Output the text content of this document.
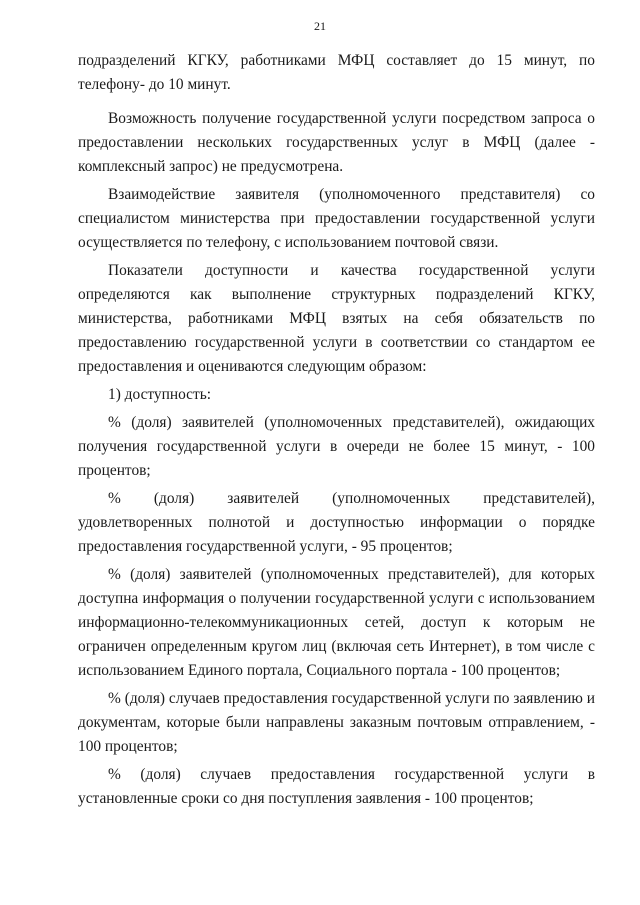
21

подразделений КГКУ, работниками МФЦ составляет до 15 минут, по телефону- до 10 минут.

Возможность получение государственной услуги посредством запроса о предоставлении нескольких государственных услуг в МФЦ (далее - комплексный запрос) не предусмотрена.

Взаимодействие заявителя (уполномоченного представителя) со специалистом министерства при предоставлении государственной услуги осуществляется по телефону, с использованием почтовой связи.

Показатели доступности и качества государственной услуги определяются как выполнение структурных подразделений КГКУ, министерства, работниками МФЦ взятых на себя обязательств по предоставлению государственной услуги в соответствии со стандартом ее предоставления и оцениваются следующим образом:

1) доступность:

% (доля) заявителей (уполномоченных представителей), ожидающих получения государственной услуги в очереди не более 15 минут, - 100 процентов;

% (доля) заявителей (уполномоченных представителей), удовлетворенных полнотой и доступностью информации о порядке предоставления государственной услуги, - 95 процентов;

% (доля) заявителей (уполномоченных представителей), для которых доступна информация о получении государственной услуги с использованием информационно-телекоммуникационных сетей, доступ к которым не ограничен определенным кругом лиц (включая сеть Интернет), в том числе с использованием Единого портала, Социального портала - 100 процентов;

% (доля) случаев предоставления государственной услуги по заявлению и документам, которые были направлены заказным почтовым отправлением, - 100 процентов;

% (доля) случаев предоставления государственной услуги в установленные сроки со дня поступления заявления - 100 процентов;
